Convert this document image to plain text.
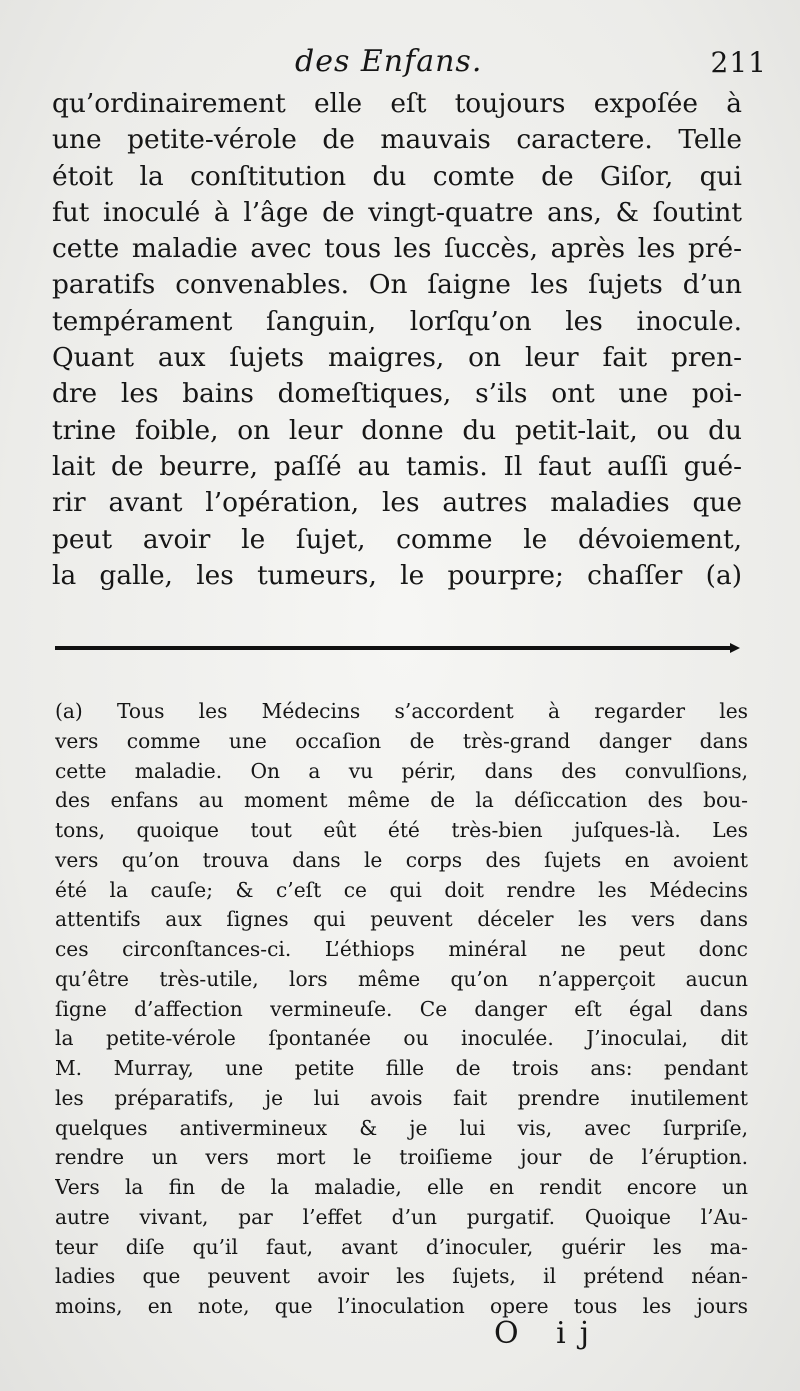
des Enfans.	211
qu’ordinairement elle eſt toujours expoſée à
une petite-vérole de mauvais caractere. Telle
étoit la conſtitution du comte de Giſor, qui
fut inoculé à l’âge de vingt-quatre ans, & ſoutint
cette maladie avec tous les ſuccès, après les pré-
paratifs convenables. On ſaigne les ſujets d’un
tempérament ſanguin, lorſqu’on les inocule.
Quant aux ſujets maigres, on leur fait pren-
dre les bains domeſtiques, s’ils ont une poi-
trine foible, on leur donne du petit-lait, ou du
lait de beurre, paſſé au tamis. Il faut auſſi gué-
rir avant l’opération, les autres maladies que
peut avoir le ſujet, comme le dévoiement,
la galle, les tumeurs, le pourpre; chaſſer (a)
(a) Tous les Médecins s’accordent à regarder les
vers comme une occaſion de très-grand danger dans
cette maladie. On a vu périr, dans des convulſions,
des enfans au moment même de la déſiccation des bou-
tons, quoique tout eût été très-bien juſques-là. Les
vers qu’on trouva dans le corps des ſujets en avoient
été la cauſe; & c’eſt ce qui doit rendre les Médecins
attentifs aux ſignes qui peuvent déceler les vers dans
ces circonſtances-ci. L’éthiops minéral ne peut donc
qu’être très-utile, lors même qu’on n’apperçoit aucun
ſigne d’affection vermineuſe. Ce danger eſt égal dans
la petite-vérole ſpontanée ou inoculée. J’inoculai, dit
M. Murray, une petite fille de trois ans: pendant
les préparatifs, je lui avois fait prendre inutilement
quelques antivermineux & je lui vis, avec ſurpriſe,
rendre un vers mort le troiſieme jour de l’éruption.
Vers la fin de la maladie, elle en rendit encore un
autre vivant, par l’effet d’un purgatif. Quoique l’Au-
teur diſe qu’il faut, avant d’inoculer, guérir les ma-
ladies que peuvent avoir les ſujets, il prétend néan-
moins, en note, que l’inoculation opere tous les jours
O ij
